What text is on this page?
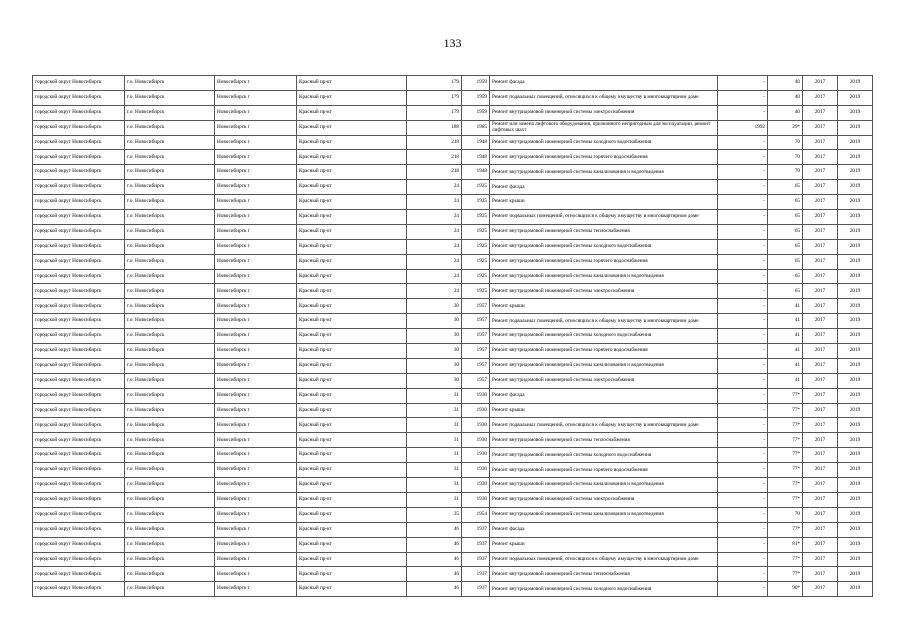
133
городской округ Новосибирск	г.о. Новосибирск	Новосибирск г	Красный пр-кт	179	1959	Ремонт фасада	-	40	2017	2019
городской округ Новосибирск	г.о. Новосибирск	Новосибирск г	Красный пр-кт	179	1959	Ремонт подвальных помещений, относящихся к общему имуществу в многоквартирном доме	-	40	2017	2019
городской округ Новосибирск	г.о. Новосибирск	Новосибирск г	Красный пр-кт	179	1959	Ремонт внутридомовой инженерной системы электроснабжения	-	40	2017	2019
городской округ Новосибирск	г.о. Новосибирск	Новосибирск г	Красный пр-кт	188	1985	Ремонт или замена лифтового оборудования, признанного непригодным для эксплуатации, ремонт лифтовых шахт	1992	29*	2017	2019
городской округ Новосибирск	г.о. Новосибирск	Новосибирск г	Красный пр-кт	218	1948	Ремонт внутридомовой инженерной системы холодного водоснабжения	-	70	2017	2019
городской округ Новосибирск	г.о. Новосибирск	Новосибирск г	Красный пр-кт	218	1948	Ремонт внутридомовой инженерной системы горячего водоснабжения	-	70	2017	2019
городской округ Новосибирск	г.о. Новосибирск	Новосибирск г	Красный пр-кт	218	1948	Ремонт внутридомовой инженерной системы канализования и водоотведения	-	70	2017	2019
городской округ Новосибирск	г.о. Новосибирск	Новосибирск г	Красный пр-кт	24	1925	Ремонт фасада	-	65	2017	2019
городской округ Новосибирск	г.о. Новосибирск	Новосибирск г	Красный пр-кт	24	1925	Ремонт крыши	-	65	2017	2019
городской округ Новосибирск	г.о. Новосибирск	Новосибирск г	Красный пр-кт	24	1925	Ремонт подвальных помещений, относящихся к общему имуществу в многоквартирном доме	-	65	2017	2019
городской округ Новосибирск	г.о. Новосибирск	Новосибирск г	Красный пр-кт	24	1925	Ремонт внутридомовой инженерной системы теплоснабжения	-	65	2017	2019
городской округ Новосибирск	г.о. Новосибирск	Новосибирск г	Красный пр-кт	24	1925	Ремонт внутридомовой инженерной системы холодного водоснабжения	-	65	2017	2019
городской округ Новосибирск	г.о. Новосибирск	Новосибирск г	Красный пр-кт	24	1925	Ремонт внутридомовой инженерной системы горячего водоснабжения	-	65	2017	2019
городской округ Новосибирск	г.о. Новосибирск	Новосибирск г	Красный пр-кт	24	1925	Ремонт внутридомовой инженерной системы канализования и водоотведения	-	65	2017	2019
городской округ Новосибирск	г.о. Новосибирск	Новосибирск г	Красный пр-кт	24	1925	Ремонт внутридомовой инженерной системы электроснабжения	-	65	2017	2019
городской округ Новосибирск	г.о. Новосибирск	Новосибирск г	Красный пр-кт	30	1957	Ремонт крыши	-	41	2017	2019
городской округ Новосибирск	г.о. Новосибирск	Новосибирск г	Красный пр-кт	30	1957	Ремонт подвальных помещений, относящихся к общему имуществу в многоквартирном доме	-	41	2017	2019
городской округ Новосибирск	г.о. Новосибирск	Новосибирск г	Красный пр-кт	30	1957	Ремонт внутридомовой инженерной системы холодного водоснабжения	-	41	2017	2019
городской округ Новосибирск	г.о. Новосибирск	Новосибирск г	Красный пр-кт	30	1957	Ремонт внутридомовой инженерной системы горячего водоснабжения	-	41	2017	2019
городской округ Новосибирск	г.о. Новосибирск	Новосибирск г	Красный пр-кт	30	1957	Ремонт внутридомовой инженерной системы канализования и водоотведения	-	41	2017	2019
городской округ Новосибирск	г.о. Новосибирск	Новосибирск г	Красный пр-кт	30	1957	Ремонт внутридомовой инженерной системы электроснабжения	-	41	2017	2019
городской округ Новосибирск	г.о. Новосибирск	Новосибирск г	Красный пр-кт	31	1930	Ремонт фасада	-	77*	2017	2019
городской округ Новосибирск	г.о. Новосибирск	Новосибирск г	Красный пр-кт	31	1930	Ремонт крыши	-	77*	2017	2019
городской округ Новосибирск	г.о. Новосибирск	Новосибирск г	Красный пр-кт	31	1930	Ремонт подвальных помещений, относящихся к общему имуществу в многоквартирном доме	-	77*	2017	2019
городской округ Новосибирск	г.о. Новосибирск	Новосибирск г	Красный пр-кт	31	1930	Ремонт внутридомовой инженерной системы теплоснабжения	-	77*	2017	2019
городской округ Новосибирск	г.о. Новосибирск	Новосибирск г	Красный пр-кт	31	1930	Ремонт внутридомовой инженерной системы холодного водоснабжения	-	77*	2017	2019
городской округ Новосибирск	г.о. Новосибирск	Новосибирск г	Красный пр-кт	31	1930	Ремонт внутридомовой инженерной системы горячего водоснабжения	-	77*	2017	2019
городской округ Новосибирск	г.о. Новосибирск	Новосибирск г	Красный пр-кт	31	1930	Ремонт внутридомовой инженерной системы канализования и водоотведения	-	77*	2017	2019
городской округ Новосибирск	г.о. Новосибирск	Новосибирск г	Красный пр-кт	31	1930	Ремонт внутридомовой инженерной системы электроснабжения	-	77*	2017	2019
городской округ Новосибирск	г.о. Новосибирск	Новосибирск г	Красный пр-кт	35	1954	Ремонт внутридомовой инженерной системы канализования и водоотведения	-	70	2017	2019
городской округ Новосибирск	г.о. Новосибирск	Новосибирск г	Красный пр-кт	46	1937	Ремонт фасада	-	77*	2017	2019
городской округ Новосибирск	г.о. Новосибирск	Новосибирск г	Красный пр-кт	46	1937	Ремонт крыши	-	81*	2017	2019
городской округ Новосибирск	г.о. Новосибирск	Новосибирск г	Красный пр-кт	46	1937	Ремонт подвальных помещений, относящихся к общему имуществу в многоквартирном доме	-	77*	2017	2019
городской округ Новосибирск	г.о. Новосибирск	Новосибирск г	Красный пр-кт	46	1937	Ремонт внутридомовой инженерной системы теплоснабжения	-	77*	2017	2019
городской округ Новосибирск	г.о. Новосибирск	Новосибирск г	Красный пр-кт	46	1937	Ремонт внутридомовой инженерной системы холодного водоснабжения	-	90*	2017	2019
